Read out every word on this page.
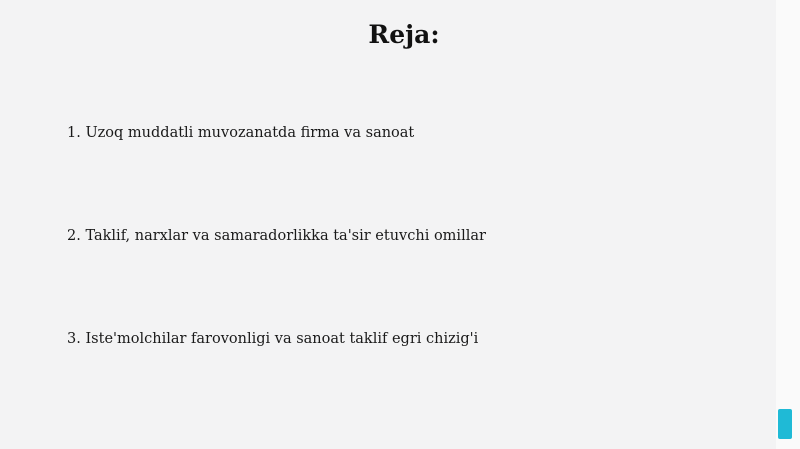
Reja:

1. Uzoq muddatli muvozanatda firma va sanoat

2. Taklif, narxlar va samaradorlikka ta'sir etuvchi omillar

3. Iste'molchilar farovonligi va sanoat taklif egri chizig'i
